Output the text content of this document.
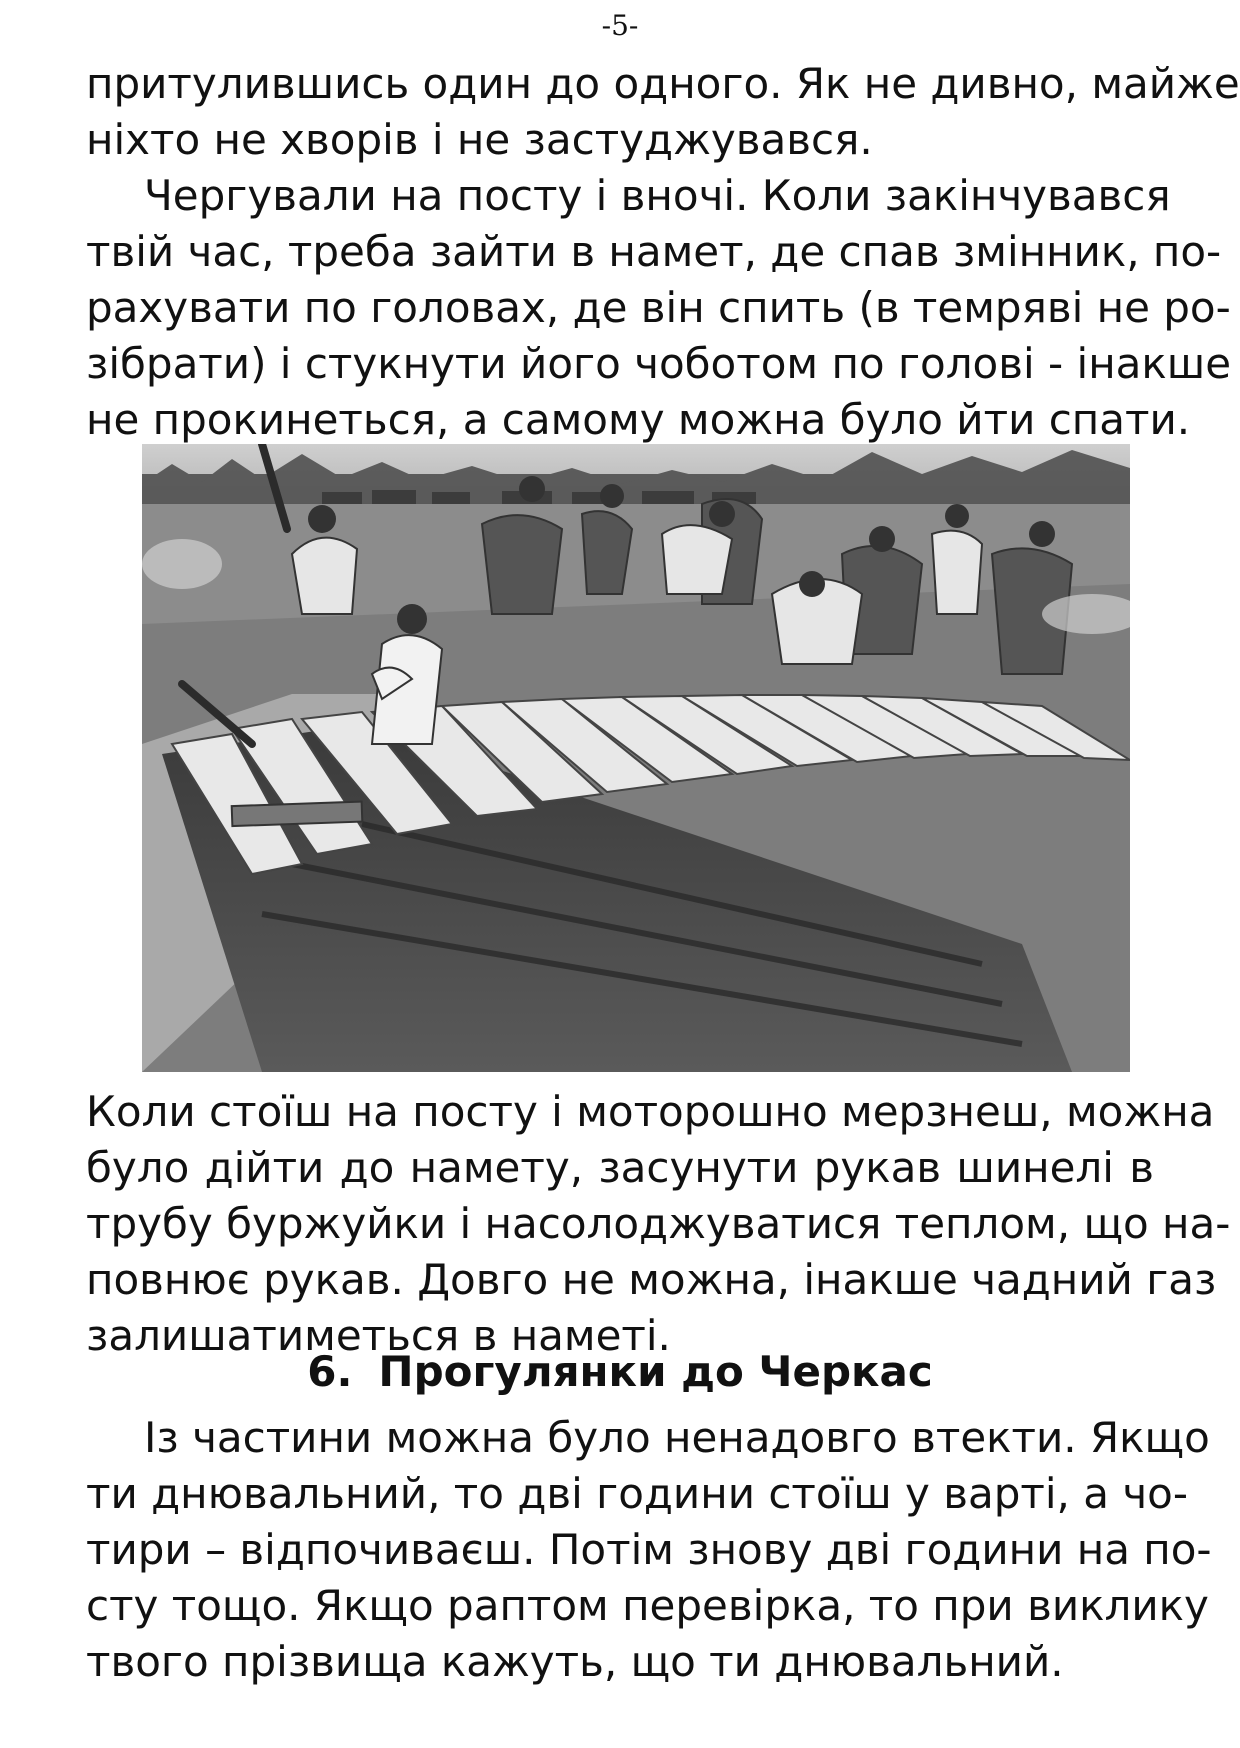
-5-
притулившись один до одного. Як не дивно, майже
ніхто не хворів і не застуджувався.
Чергували на посту і вночі. Коли закінчувався
твій час, треба зайти в намет, де спав змінник, по-
рахувати по головах, де він спить (в темряві не ро-
зібрати) і стукнути його чоботом по голові - інакше
не прокинеться, а самому можна було йти спати.
Коли стоїш на посту і моторошно мерзнеш, можна
було дійти до намету, засунути рукав шинелі в
трубу буржуйки і насолоджуватися теплом, що на-
повнює рукав. Довго не можна, інакше чадний газ
залишатиметься в наметі.
6. Прогулянки до Черкас
Із частини можна було ненадовго втекти. Якщо
ти днювальний, то дві години стоїш у варті, а чо-
тири – відпочиваєш. Потім знову дві години на по-
сту тощо. Якщо раптом перевірка, то при виклику
твого прізвища кажуть, що ти днювальний.
